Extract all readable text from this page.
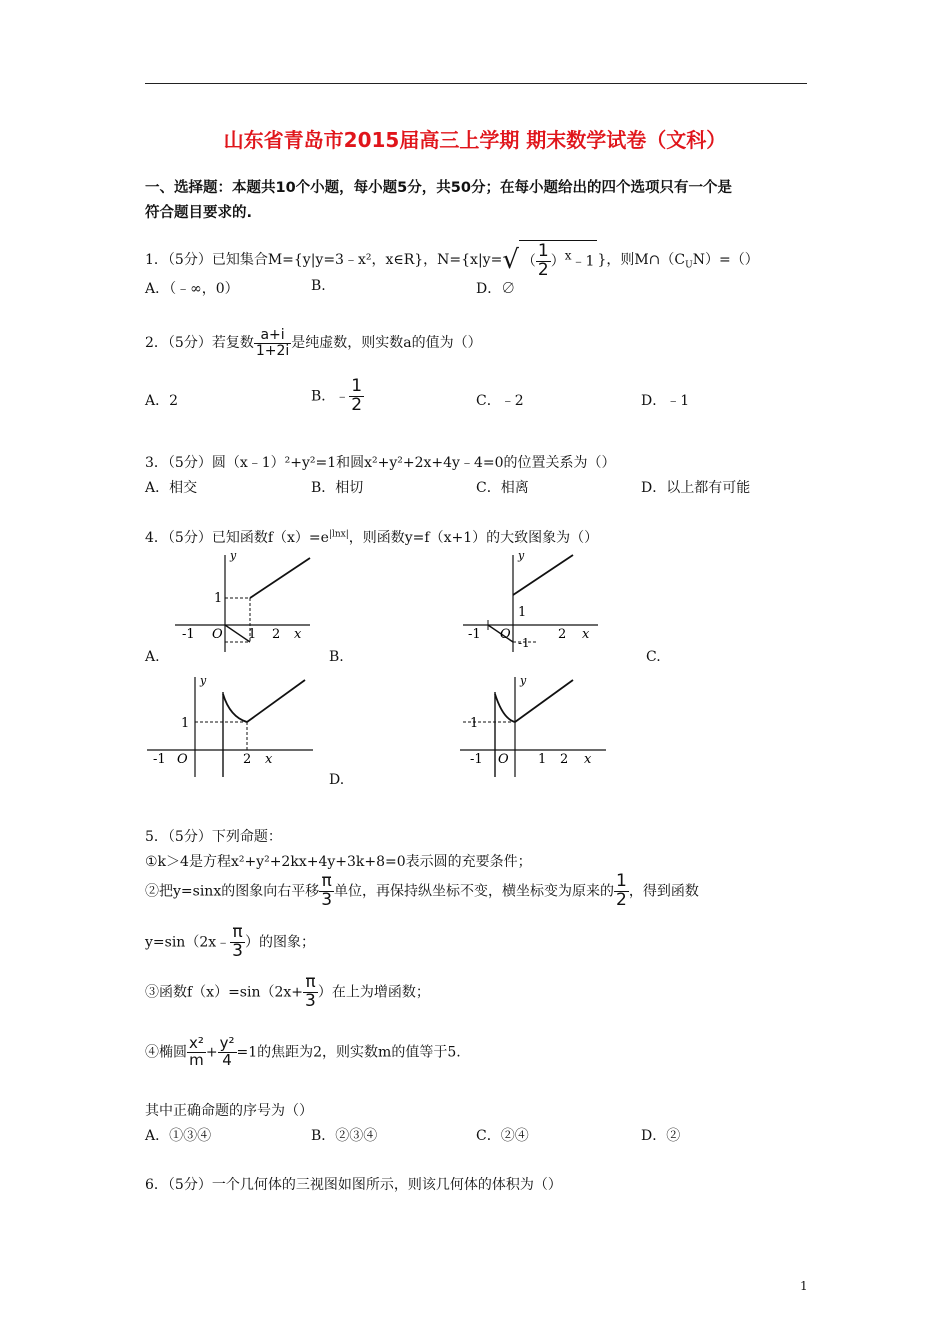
山东省青岛市2015届高三上学期 期末数学试卷（文科）
一、选择题：本题共10个小题，每小题5分，共50分；在每小题给出的四个选项只有一个是
符合题目要求的.
1．（5分）已知集合M={y|y=3﹣x²，x∈R}，N={x|y=√ （ $\frac{1}{2}$ ）$^x$﹣1 }，则$M\cap(C_UN)=()$
A．（﹣∞，0）	B.	D．∅
2．（5分）若复数 $\frac{a+i}{1+2i}$ 是纯虚数，则实数a的值为（）
A．2	B．﹣ $\frac{1}{2}$	C．﹣2	D．﹣1
3．（5分）圆（x﹣1）²+y²=1和圆x²+y²+2x+4y﹣4=0的位置关系为（）
A．相交	B．相切	C．相离	D．以上都有可能
4．（5分）已知函数$f(x)=e^{|lnx|}$，则函数y=f（x+1）的大致图象为（）
y
1
-1 O 1 2 x
A.
y
1
-1 O	2 x
-1
B.	C.
y
1
-1 O	2 x
y
1
-1 O 1 2 x
D.
5．（5分）下列命题：
①k＞4是方程x²+y²+2kx+4y+3k+8=0表示圆的充要条件；
②把y=sinx的图象向右平移 $\frac{\pi}{3}$ 单位，再保持纵坐标不变，横坐标变为原来的 $\frac{1}{2}$ ，得到函数
y=sin（2x﹣ $\frac{\pi}{3}$ ）的图象；
③函数$f(x)=\sin(2x+ \frac{\pi}{3}$ ）在上为增函数；
④椭圆 $\frac{\text{x²}}{m} + \frac{\text{y²}}{4} =1$的焦距为2，则实数m的值等于5.
其中正确命题的序号为（）
A．①③④	B．②③④	C．②④	D．②
6．（5分）一个几何体的三视图如图所示，则该几何体的体积为（）
1
